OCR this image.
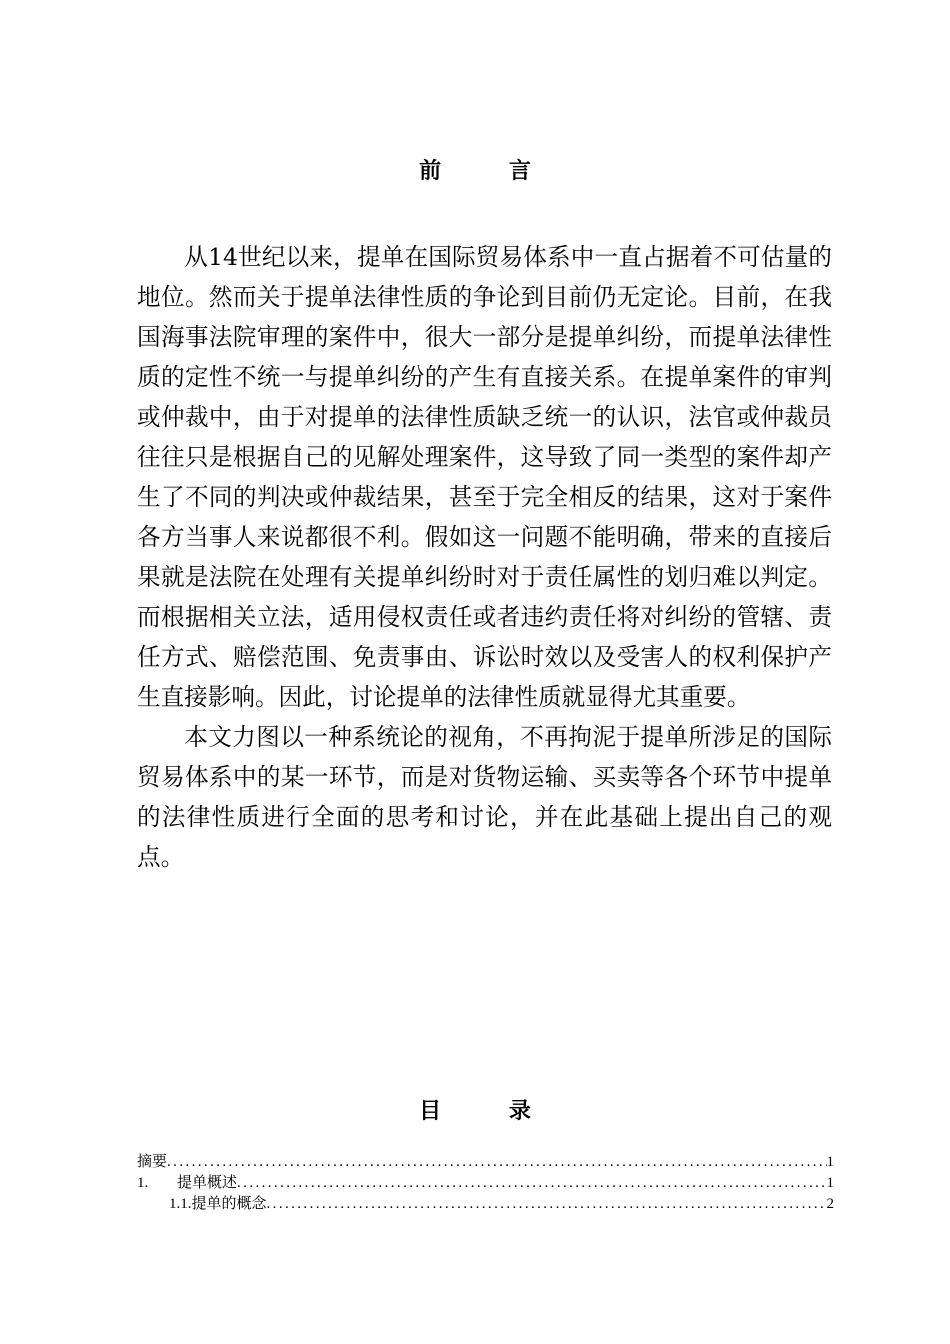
前 言

从14世纪以来，提单在国际贸易体系中一直占据着不可估量的地位。然而关于提单法律性质的争论到目前仍无定论。目前，在我国海事法院审理的案件中，很大一部分是提单纠纷，而提单法律性质的定性不统一与提单纠纷的产生有直接关系。在提单案件的审判或仲裁中，由于对提单的法律性质缺乏统一的认识，法官或仲裁员往往只是根据自己的见解处理案件，这导致了同一类型的案件却产生了不同的判决或仲裁结果，甚至于完全相反的结果，这对于案件各方当事人来说都很不利。假如这一问题不能明确，带来的直接后果就是法院在处理有关提单纠纷时对于责任属性的划归难以判定。而根据相关立法，适用侵权责任或者违约责任将对纠纷的管辖、责任方式、赔偿范围、免责事由、诉讼时效以及受害人的权利保护产生直接影响。因此，讨论提单的法律性质就显得尤其重要。

本文力图以一种系统论的视角，不再拘泥于提单所涉足的国际贸易体系中的某一环节，而是对货物运输、买卖等各个环节中提单的法律性质进行全面的思考和讨论，并在此基础上提出自己的观点。

目 录
摘要 .....	1
1.	提单概述 .....	1
1.1.提单的概念 .....	2
